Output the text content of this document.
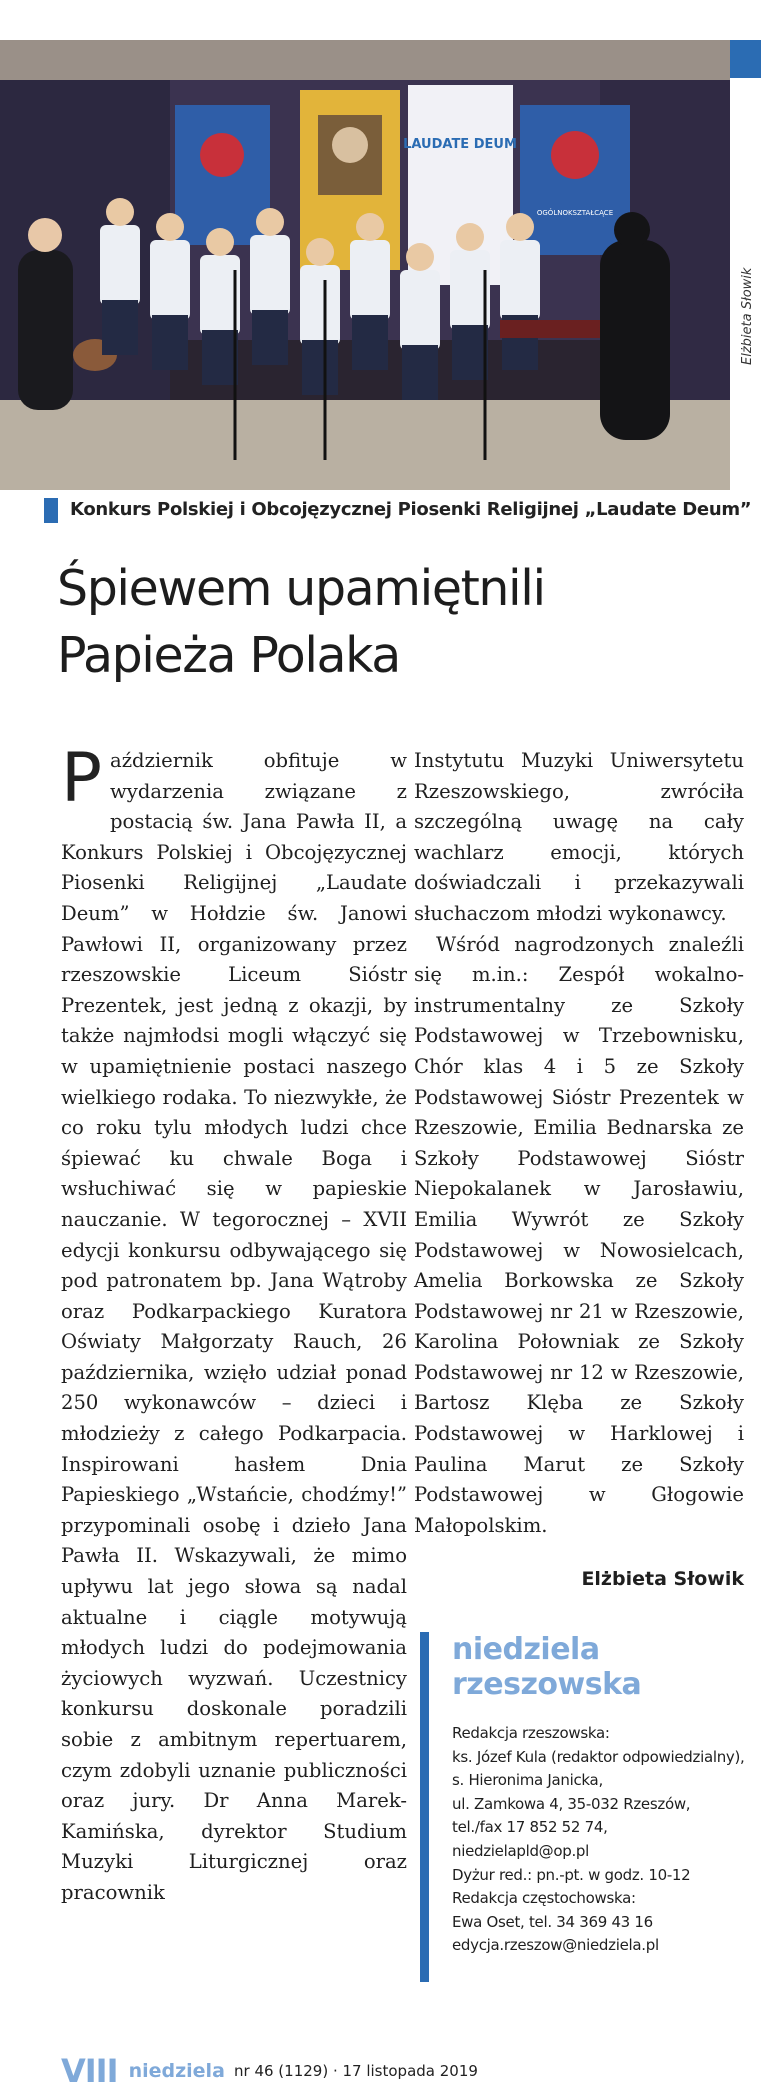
LAUDATE DEUM
OGÓLNOKSZTAŁCĄCE
Elżbieta Słowik
Konkurs Polskiej i Obcojęzycznej Piosenki Religijnej „Laudate Deum”
Śpiewem upamiętnili
Papieża Polaka

Październik obfituje w wydarzenia związane z postacią św. Jana Pawła II, a Konkurs Polskiej i Obcojęzycznej Piosenki Religijnej „Laudate Deum” w Hołdzie św. Janowi Pawłowi II, organizowany przez rzeszowskie Liceum Sióstr Prezentek, jest jedną z okazji, by także najmłodsi mogli włączyć się w upamiętnienie postaci naszego wielkiego rodaka. To niezwykłe, że co roku tylu młodych ludzi chce śpiewać ku chwale Boga i wsłuchiwać się w papieskie nauczanie. W tegorocznej – XVII edycji konkursu odbywającego się pod patronatem bp. Jana Wątroby oraz Podkarpackiego Kuratora Oświaty Małgorzaty Rauch, 26 października, wzięło udział ponad 250 wykonawców – dzieci i młodzieży z całego Podkarpacia. Inspirowani hasłem Dnia Papieskiego „Wstańcie, chodźmy!” przypominali osobę i dzieło Jana Pawła II. Wskazywali, że mimo upływu lat jego słowa są nadal aktualne i ciągle motywują młodych ludzi do podejmowania życiowych wyzwań. Uczestnicy konkursu doskonale poradzili sobie z ambitnym repertuarem, czym zdobyli uznanie publiczności oraz jury. Dr Anna Marek-Kamińska, dyrektor Studium Muzyki Liturgicznej oraz pracownik

Instytutu Muzyki Uniwersytetu Rzeszowskiego, zwróciła szczególną uwagę na cały wachlarz emocji, których doświadczali i przekazywali słuchaczom młodzi wykonawcy.

Wśród nagrodzonych znaleźli się m.in.: Zespół wokalno-instrumentalny ze Szkoły Podstawowej w Trzebownisku, Chór klas 4 i 5 ze Szkoły Podstawowej Sióstr Prezentek w Rzeszowie, Emilia Bednarska ze Szkoły Podstawowej Sióstr Niepokalanek w Jarosławiu, Emilia Wywrót ze Szkoły Podstawowej w Nowosielcach, Amelia Borkowska ze Szkoły Podstawowej nr 21 w Rzeszowie, Karolina Połowniak ze Szkoły Podstawowej nr 12 w Rzeszowie, Bartosz Klęba ze Szkoły Podstawowej w Harklowej i Paulina Marut ze Szkoły Podstawowej w Głogowie Małopolskim.

Elżbieta Słowik
niedziela
rzeszowska
Redakcja rzeszowska:
ks. Józef Kula (redaktor odpowiedzialny),
s. Hieronima Janicka,
ul. Zamkowa 4, 35-032 Rzeszów,
tel./fax 17 852 52 74,
niedzielapld@op.pl
Dyżur red.: pn.-pt. w godz. 10-12
Redakcja częstochowska:
Ewa Oset, tel. 34 369 43 16
edycja.rzeszow@niedziela.pl
VIII niedziela nr 46 (1129) · 17 listopada 2019
